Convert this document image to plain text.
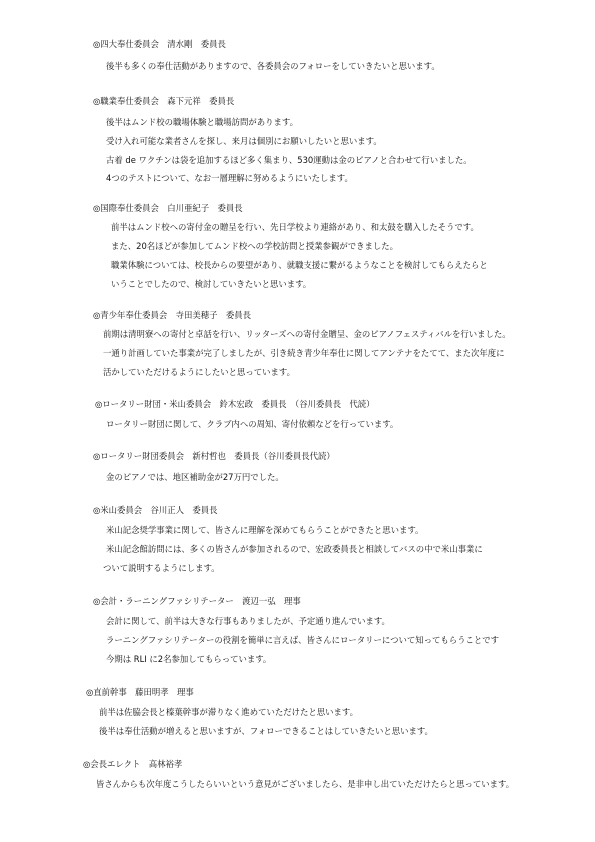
◎四大奉仕委員会　清水剛　委員長
後半も多くの奉仕活動がありますので、各委員会のフォローをしていきたいと思います。
◎職業奉仕委員会　森下元祥　委員長
後半はムンド校の職場体験と職場訪問があります。
受け入れ可能な業者さんを探し、来月は個別にお願いしたいと思います。
古着 de ワクチンは袋を追加するほど多く集まり、530運動は金のピアノと合わせて行いました。
4つのテストについて、なお一層理解に努めるようにいたします。
◎国際奉仕委員会　白川亜紀子　委員長
前半はムンド校への寄付金の贈呈を行い、先日学校より連絡があり、和太鼓を購入したそうです。
また、20名ほどが参加してムンド校への学校訪問と授業参観ができました。
職業体験については、校長からの要望があり、就職支援に繋がるようなことを検討してもらえたらと
いうことでしたので、検討していきたいと思います。
◎青少年奉仕委員会　寺田美穂子　委員長
前期は清明寮への寄付と卓話を行い、リッターズへの寄付金贈呈、金のピアノフェスティバルを行いました。
一通り計画していた事業が完了しましたが、引き続き青少年奉仕に関してアンテナをたてて、また次年度に
活かしていただけるようにしたいと思っています。
◎ロータリー財団・米山委員会　鈴木宏政　委員長　（谷川委員長　代読）
ロータリー財団に関して、クラブ内への周知、寄付依頼などを行っています。
◎ロータリー財団委員会　新村哲也　委員長（谷川委員長代読）
金のピアノでは、地区補助金が27万円でした。
◎米山委員会　谷川正人　委員長
米山記念奨学事業に関して、皆さんに理解を深めてもらうことができたと思います。
米山記念館訪問には、多くの皆さんが参加されるので、宏政委員長と相談してバスの中で米山事業に
ついて説明するようにします。
◎会計・ラーニングファシリテーター　渡辺一弘　理事
会計に関して、前半は大きな行事もありましたが、予定通り進んでいます。
ラーニングファシリテーターの役割を簡単に言えば、皆さんにロータリーについて知ってもらうことです
今期は RLI に2名参加してもらっています。
◎直前幹事　藤田明孝　理事
前半は佐脇会長と榛葉幹事が滞りなく進めていただけたと思います。
後半は奉仕活動が増えると思いますが、フォローできることはしていきたいと思います。
◎会長エレクト　高林裕孝
皆さんからも次年度こうしたらいいという意見がございましたら、是非申し出ていただけたらと思っています。
